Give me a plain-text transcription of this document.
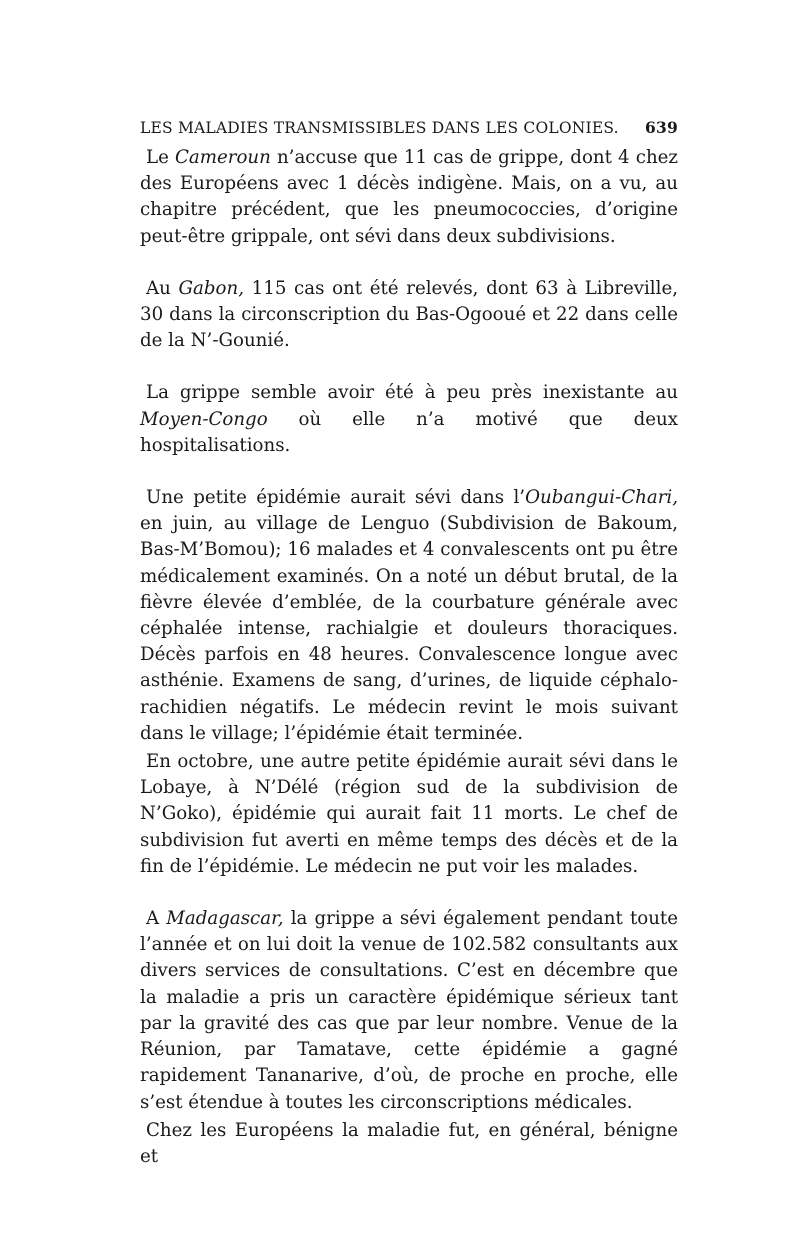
LES MALADIES TRANSMISSIBLES DANS LES COLONIES. 639

Le Cameroun n’accuse que 11 cas de grippe, dont 4 chez des Européens avec 1 décès indigène. Mais, on a vu, au chapitre précédent, que les pneumococcies, d’origine peut-être grippale, ont sévi dans deux subdivisions.

Au Gabon, 115 cas ont été relevés, dont 63 à Libreville, 30 dans la circonscription du Bas-Ogooué et 22 dans celle de la N’-Gounié.

La grippe semble avoir été à peu près inexistante au Moyen-Congo où elle n’a motivé que deux hospitalisations.

Une petite épidémie aurait sévi dans l’Oubangui-Chari, en juin, au village de Lenguo (Subdivision de Bakoum, Bas-M’Bomou); 16 malades et 4 convalescents ont pu être médicalement examinés. On a noté un début brutal, de la fièvre élevée d’emblée, de la courbature générale avec céphalée intense, rachialgie et douleurs thoraciques. Décès parfois en 48 heures. Convalescence longue avec asthénie. Examens de sang, d’urines, de liquide céphalo-rachidien négatifs. Le médecin revint le mois suivant dans le village; l’épidémie était terminée.

En octobre, une autre petite épidémie aurait sévi dans le Lobaye, à N’Délé (région sud de la subdivision de N’Goko), épidémie qui aurait fait 11 morts. Le chef de subdivision fut averti en même temps des décès et de la fin de l’épidémie. Le médecin ne put voir les malades.

A Madagascar, la grippe a sévi également pendant toute l’année et on lui doit la venue de 102.582 consultants aux divers services de consultations. C’est en décembre que la maladie a pris un caractère épidémique sérieux tant par la gravité des cas que par leur nombre. Venue de la Réunion, par Tamatave, cette épidémie a gagné rapidement Tananarive, d’où, de proche en proche, elle s’est étendue à toutes les circonscriptions médicales.

Chez les Européens la maladie fut, en général, bénigne et
